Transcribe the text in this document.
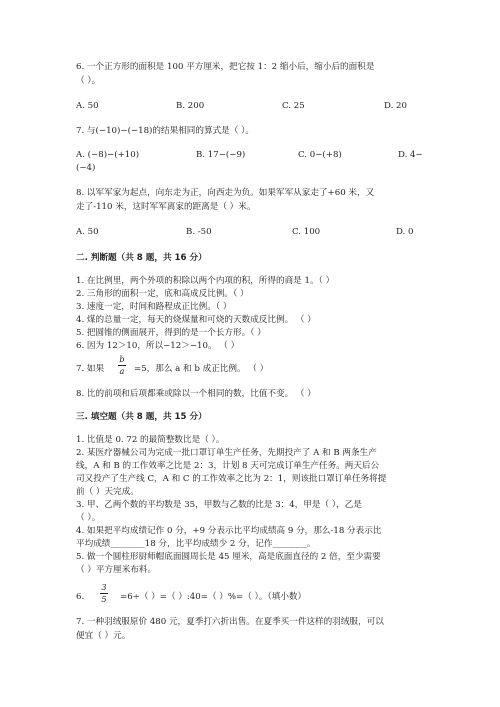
6. 一个正方形的面积是 100 平方厘米，把它按 1：2 缩小后，缩小后的面积是
（ ）。
A. 50	B. 200	C. 25	D. 20
7. 与(−10)−(−18)的结果相同的算式是（ ）。
A. (−8)−(+10)	B. 17−(−9)	C. 0−(+8)	D. 4−
(−4)
8. 以军军家为起点，向东走为正，向西走为负。如果军军从家走了+60 米，又
走了-110 米，这时军军离家的距离是（ ）米。
A. 50	B. -50	C. 100	D. 0
二. 判断题（共 8 题，共 16 分）
1. 在比例里，两个外项的积除以两个内项的积，所得的商是 1。（ ）
2. 三角形的面积一定，底和高成反比例。（ ）
3. 速度一定，时间和路程成正比例。（ ）
4. 煤的总量一定，每天的烧煤量和可烧的天数成反比例。 （ ）
5. 把圆锥的侧面展开，得到的是一个长方形。（ ）
6. 因为 12＞10，所以−12＞−10。 （ ）
7. 如果
b
a =5，那么 a 和 b 成正比例。 （ ）
8. 比的前项和后项都乘或除以一个相同的数，比值不变。 （ ）
三. 填空题（共 8 题，共 15 分）
1. 比值是 0. 72 的最简整数比是（ ）。
2. 某医疗器械公司为完成一批口罩订单生产任务，先期投产了 A 和 B 两条生产
线，A 和 B 的工作效率之比是 2：3，计划 8 天可完成订单生产任务。两天后公
司又投产了生产线 C，A 和 C 的工作效率之比为 2：1，则该批口罩订单任务将提
前（ ）天完成。
3. 甲、乙两个数的平均数是 35，甲数与乙数的比是 3：4，甲是（ ），乙是
（ ）。
4. 如果把平均成绩记作 0 分，+9 分表示比平均成绩高 9 分，那么-18 分表示比
平均成绩________18 分，比平均成绩少 2 分，记作________。
5. 做一个圆柱形厨师帽底面圆周长是 45 厘米，高是底面直径的 2 倍，至少需要
（ ）平方厘米布料。
6.
3
5 =6÷（ ）=（ ）:40=（ ）%=（ ）。（填小数）
7. 一种羽绒服原价 480 元，夏季打六折出售。在夏季买一件这样的羽绒服，可以
便宜（ ）元。
